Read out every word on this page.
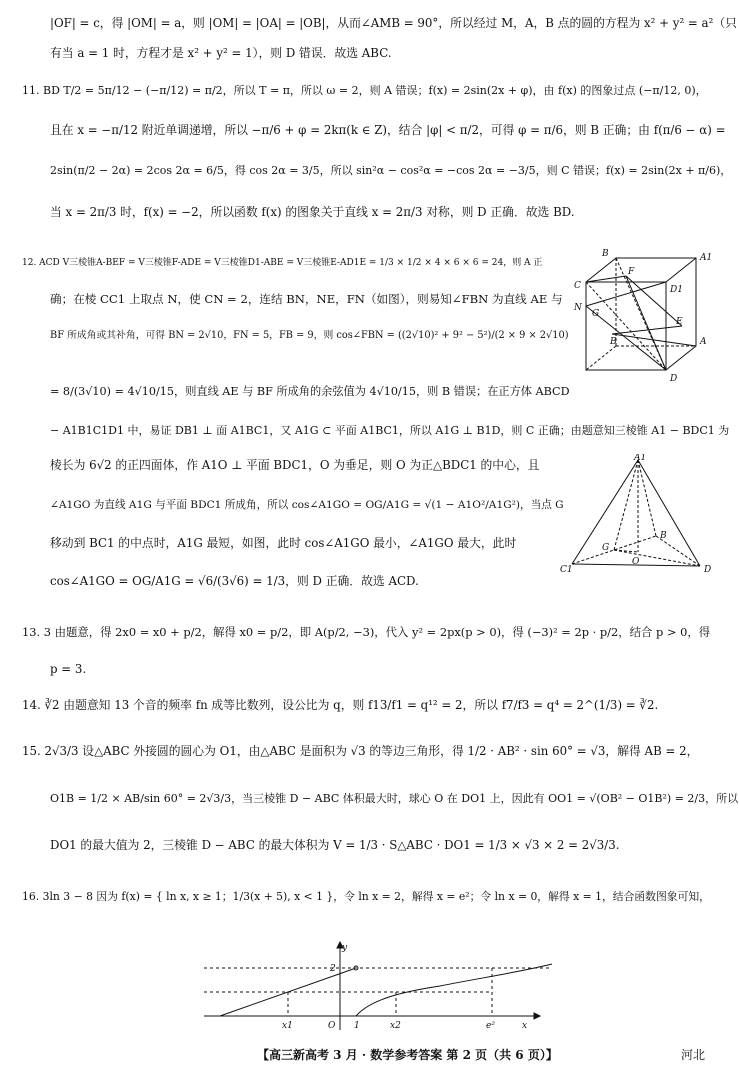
|OF| = c，得 |OM| = a，则 |OM| = |OA| = |OB|，从而∠AMB = 90°，所以经过 M，A，B 点的圆的方程为 x² + y² = a²（只
有当 a = 1 时，方程才是 x² + y² = 1），则 D 错误．故选 ABC.
11. BD T/2 = 5π/12 − (−π/12) = π/2，所以 T = π，所以 ω = 2，则 A 错误；f(x) = 2sin(2x + φ)，由 f(x) 的图象过点 (−π/12, 0)，
且在 x = −π/12 附近单调递增，所以 −π/6 + φ = 2kπ(k ∈ Z)，结合 |φ| < π/2，可得 φ = π/6，则 B 正确；由 f(π/6 − α) =
2sin(π/2 − 2α) = 2cos 2α = 6/5，得 cos 2α = 3/5，所以 sin²α − cos²α = −cos 2α = −3/5，则 C 错误；f(x) = 2sin(2x + π/6)，
当 x = 2π/3 时，f(x) = −2，所以函数 f(x) 的图象关于直线 x = 2π/3 对称，则 D 正确．故选 BD.
12. ACD V三棱锥A-BEF = V三棱锥F-ADE = V三棱锥D1-ABE = V三棱锥E-AD1E = 1/3 × 1/2 × 4 × 6 × 6 = 24，则 A 正
确；在棱 CC1 上取点 N，使 CN = 2，连结 BN，NE，FN（如图），则易知∠FBN 为直线 AE 与
BF 所成角或其补角，可得 BN = 2√10，FN = 5，FB = 9，则 cos∠FBN = ((2√10)² + 9² − 5²)/(2 × 9 × 2√10)
= 8/(3√10) = 4√10/15，则直线 AE 与 BF 所成角的余弦值为 4√10/15，则 B 错误；在正方体 ABCD
− A1B1C1D1 中，易证 DB1 ⊥ 面 A1BC1，又 A1G ⊂ 平面 A1BC1，所以 A1G ⊥ B1D，则 C 正确；由题意知三棱锥 A1 − BDC1 为
棱长为 6√2 的正四面体，作 A1O ⊥ 平面 BDC1，O 为垂足，则 O 为正△BDC1 的中心，且
∠A1GO 为直线 A1G 与平面 BDC1 所成角，所以 cos∠A1GO = OG/A1G = √(1 − A1O²/A1G²)，当点 G
移动到 BC1 的中点时，A1G 最短，如图，此时 cos∠A1GO 最小，∠A1GO 最大，此时
cos∠A1GO = OG/A1G = √6/(3√6) = 1/3，则 D 正确．故选 ACD.
13. 3 由题意，得 2x0 = x0 + p/2，解得 x0 = p/2，即 A(p/2, −3)，代入 y² = 2px(p > 0)，得 (−3)² = 2p · p/2，结合 p > 0，得
p = 3.
14. ∛2 由题意知 13 个音的频率 fn 成等比数列，设公比为 q，则 f13/f1 = q¹² = 2，所以 f7/f3 = q⁴ = 2^(1/3) = ∛2.
15. 2√3/3 设△ABC 外接圆的圆心为 O1，由△ABC 是面积为 √3 的等边三角形，得 1/2 · AB² · sin 60° = √3，解得 AB = 2，
O1B = 1/2 × AB/sin 60° = 2√3/3，当三棱锥 D − ABC 体积最大时，球心 O 在 DO1 上，因此有 OO1 = √(OB² − O1B²) = 2/3，所以
DO1 的最大值为 2，三棱锥 D − ABC 的最大体积为 V = 1/3 · S△ABC · DO1 = 1/3 × √3 × 2 = 2√3/3.
16. 3ln 3 − 8 因为 f(x) = { ln x, x ≥ 1；1/3(x + 5), x < 1 }，令 ln x = 2，解得 x = e²；令 ln x = 0，解得 x = 1，结合函数图象可知，
B
C
N
G
F
E
B
D
A
A1
D1
A1
B
G
O
C1	D
y
2
O 1
x1	x2	e²	x
【高三新高考 3 月 · 数学参考答案 第 2 页（共 6 页）】	河北
